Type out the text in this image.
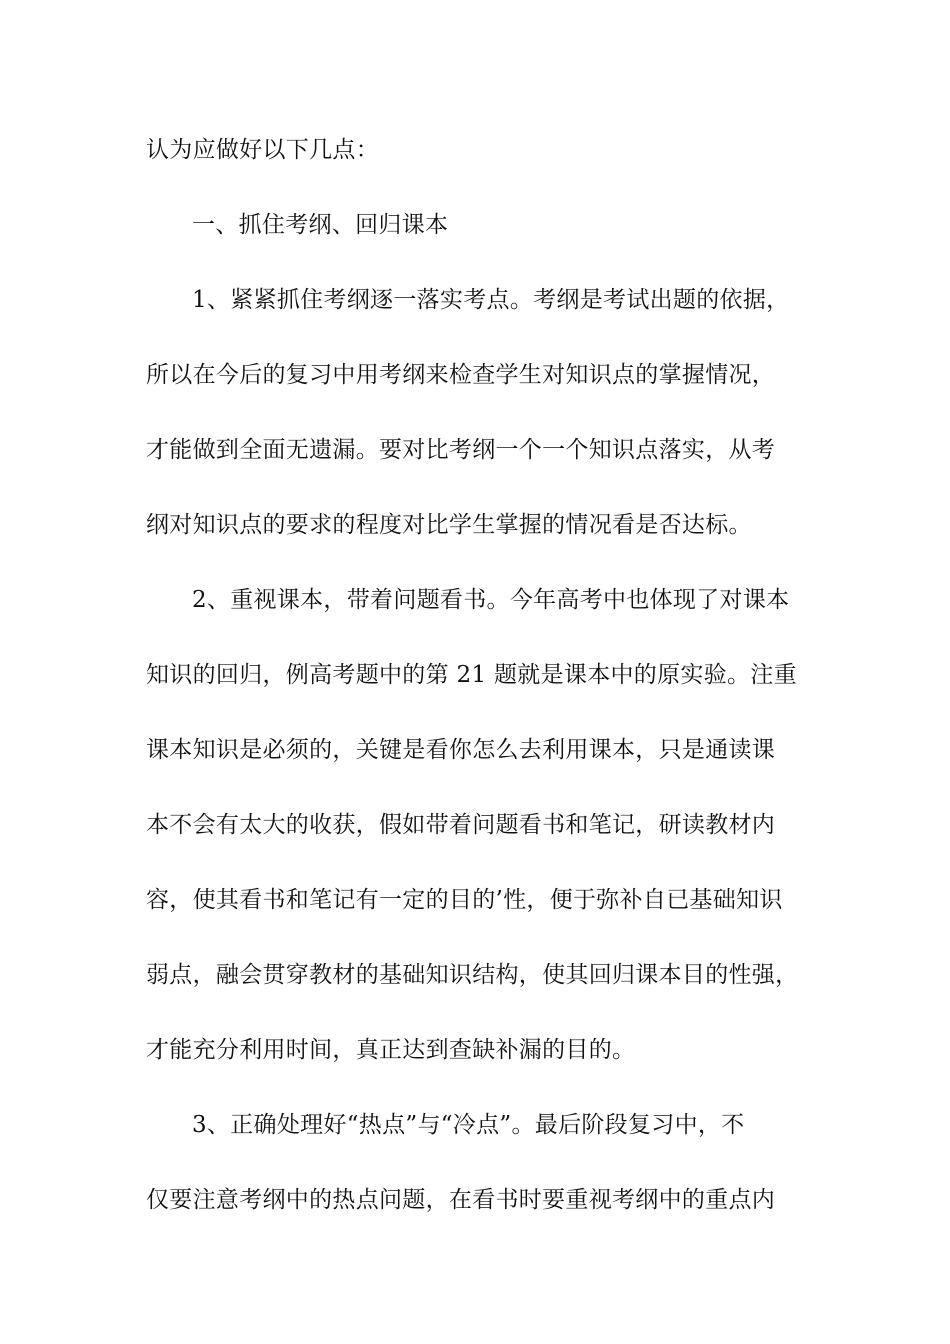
认为应做好以下几点：
一、抓住考纲、回归课本
1、紧紧抓住考纲逐一落实考点。考纲是考试出题的依据，
所以在今后的复习中用考纲来检查学生对知识点的掌握情况，
才能做到全面无遗漏。要对比考纲一个一个知识点落实，从考
纲对知识点的要求的程度对比学生掌握的情况看是否达标。
2、重视课本，带着问题看书。今年高考中也体现了对课本
知识的回归，例高考题中的第 21 题就是课本中的原实验。注重
课本知识是必须的，关键是看你怎么去利用课本，只是通读课
本不会有太大的收获，假如带着问题看书和笔记，研读教材内
容，使其看书和笔记有一定的目的’性，便于弥补自已基础知识
弱点，融会贯穿教材的基础知识结构，使其回归课本目的性强，
才能充分利用时间，真正达到查缺补漏的目的。
3、正确处理好“热点”与“冷点”。最后阶段复习中，不
仅要注意考纲中的热点问题，在看书时要重视考纲中的重点内
